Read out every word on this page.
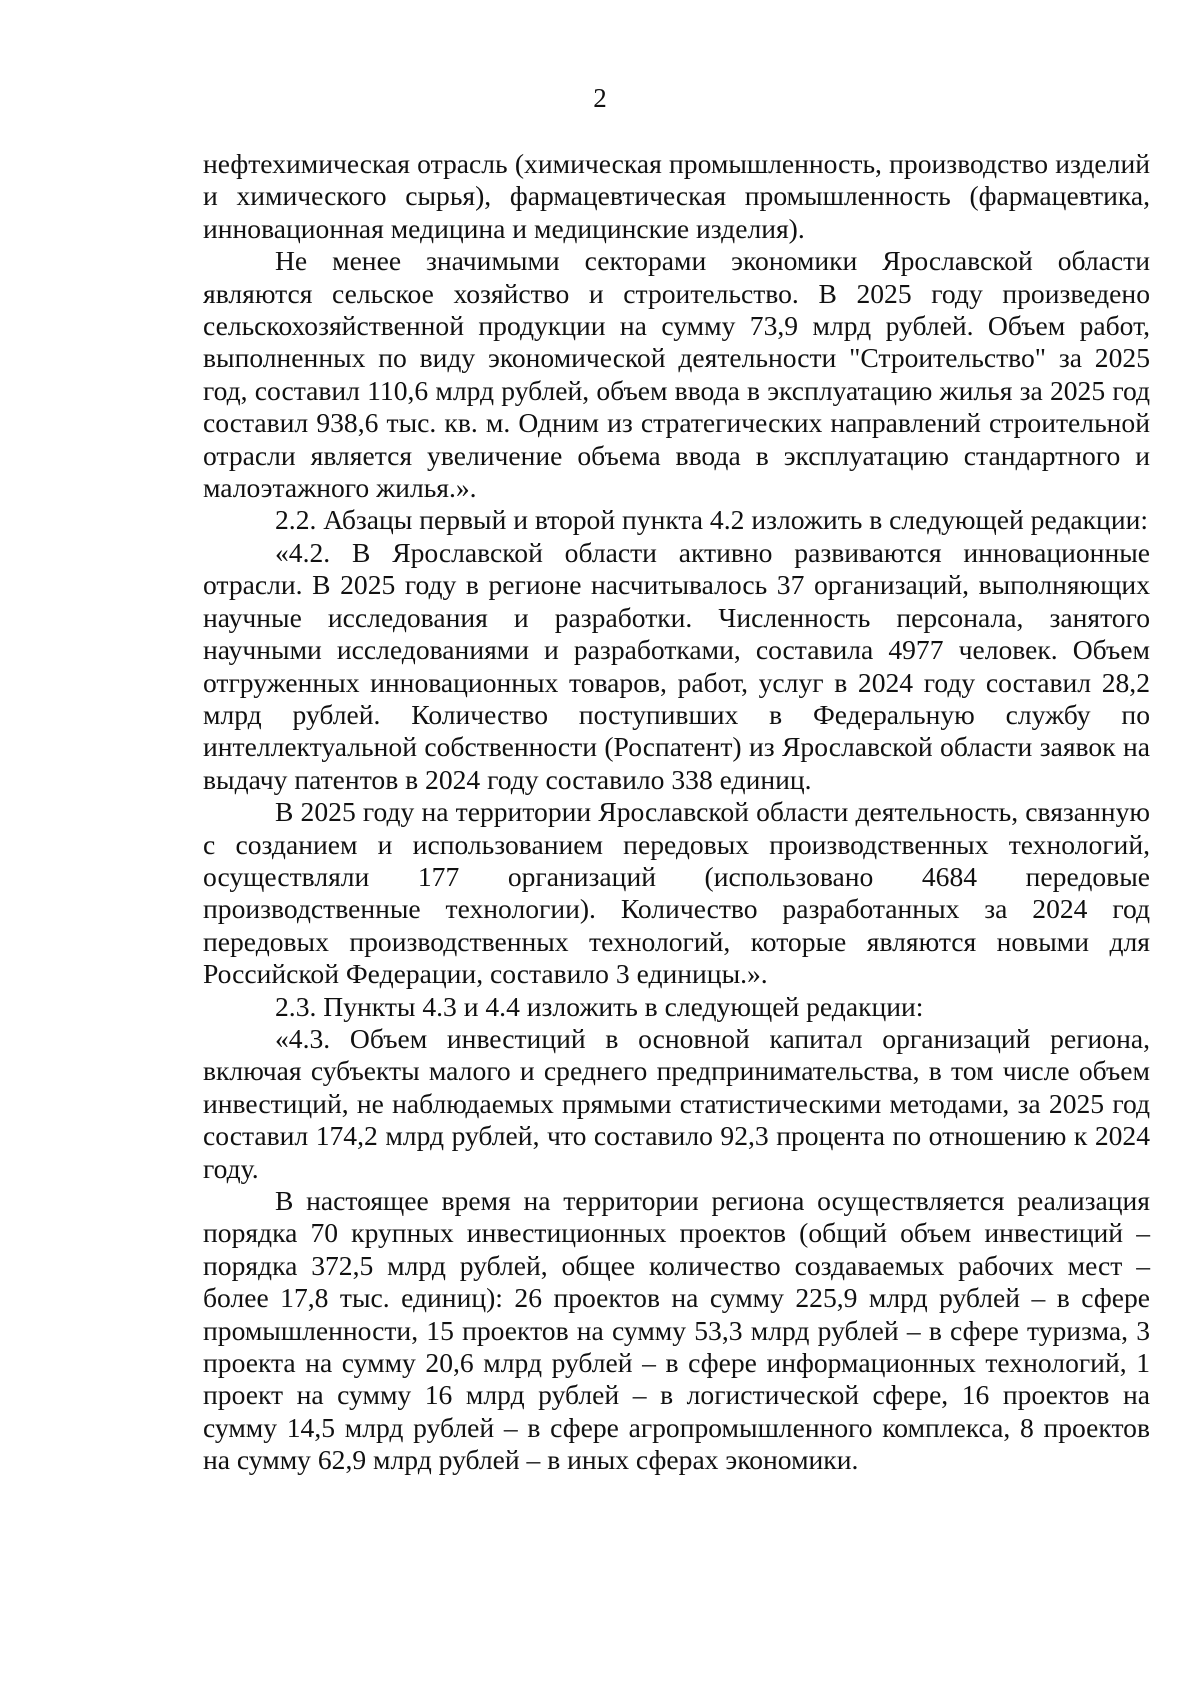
2

нефтехимическая отрасль (химическая промышленность, производство изделий и химического сырья), фармацевтическая промышленность (фармацевтика, инновационная медицина и медицинские изделия).

Не менее значимыми секторами экономики Ярославской области являются сельское хозяйство и строительство. В 2025 году произведено сельскохозяйственной продукции на сумму 73,9 млрд рублей. Объем работ, выполненных по виду экономической деятельности "Строительство" за 2025 год, составил 110,6 млрд рублей, объем ввода в эксплуатацию жилья за 2025 год составил 938,6 тыс. кв. м. Одним из стратегических направлений строительной отрасли является увеличение объема ввода в эксплуатацию стандартного и малоэтажного жилья.».

2.2. Абзацы первый и второй пункта 4.2 изложить в следующей редакции:

«4.2. В Ярославской области активно развиваются инновационные отрасли. В 2025 году в регионе насчитывалось 37 организаций, выполняющих научные исследования и разработки. Численность персонала, занятого научными исследованиями и разработками, составила 4977 человек. Объем отгруженных инновационных товаров, работ, услуг в 2024 году составил 28,2 млрд рублей. Количество поступивших в Федеральную службу по интеллектуальной собственности (Роспатент) из Ярославской области заявок на выдачу патентов в 2024 году составило 338 единиц.

В 2025 году на территории Ярославской области деятельность, связанную с созданием и использованием передовых производственных технологий, осуществляли 177 организаций (использовано 4684 передовые производственные технологии). Количество разработанных за 2024 год передовых производственных технологий, которые являются новыми для Российской Федерации, составило 3 единицы.».

2.3. Пункты 4.3 и 4.4 изложить в следующей редакции:

«4.3. Объем инвестиций в основной капитал организаций региона, включая субъекты малого и среднего предпринимательства, в том числе объем инвестиций, не наблюдаемых прямыми статистическими методами, за 2025 год составил 174,2 млрд рублей, что составило 92,3 процента по отношению к 2024 году.

В настоящее время на территории региона осуществляется реализация порядка 70 крупных инвестиционных проектов (общий объем инвестиций – порядка 372,5 млрд рублей, общее количество создаваемых рабочих мест – более 17,8 тыс. единиц): 26 проектов на сумму 225,9 млрд рублей – в сфере промышленности, 15 проектов на сумму 53,3 млрд рублей – в сфере туризма, 3 проекта на сумму 20,6 млрд рублей – в сфере информационных технологий, 1 проект на сумму 16 млрд рублей – в логистической сфере, 16 проектов на сумму 14,5 млрд рублей – в сфере агропромышленного комплекса, 8 проектов на сумму 62,9 млрд рублей – в иных сферах экономики.
